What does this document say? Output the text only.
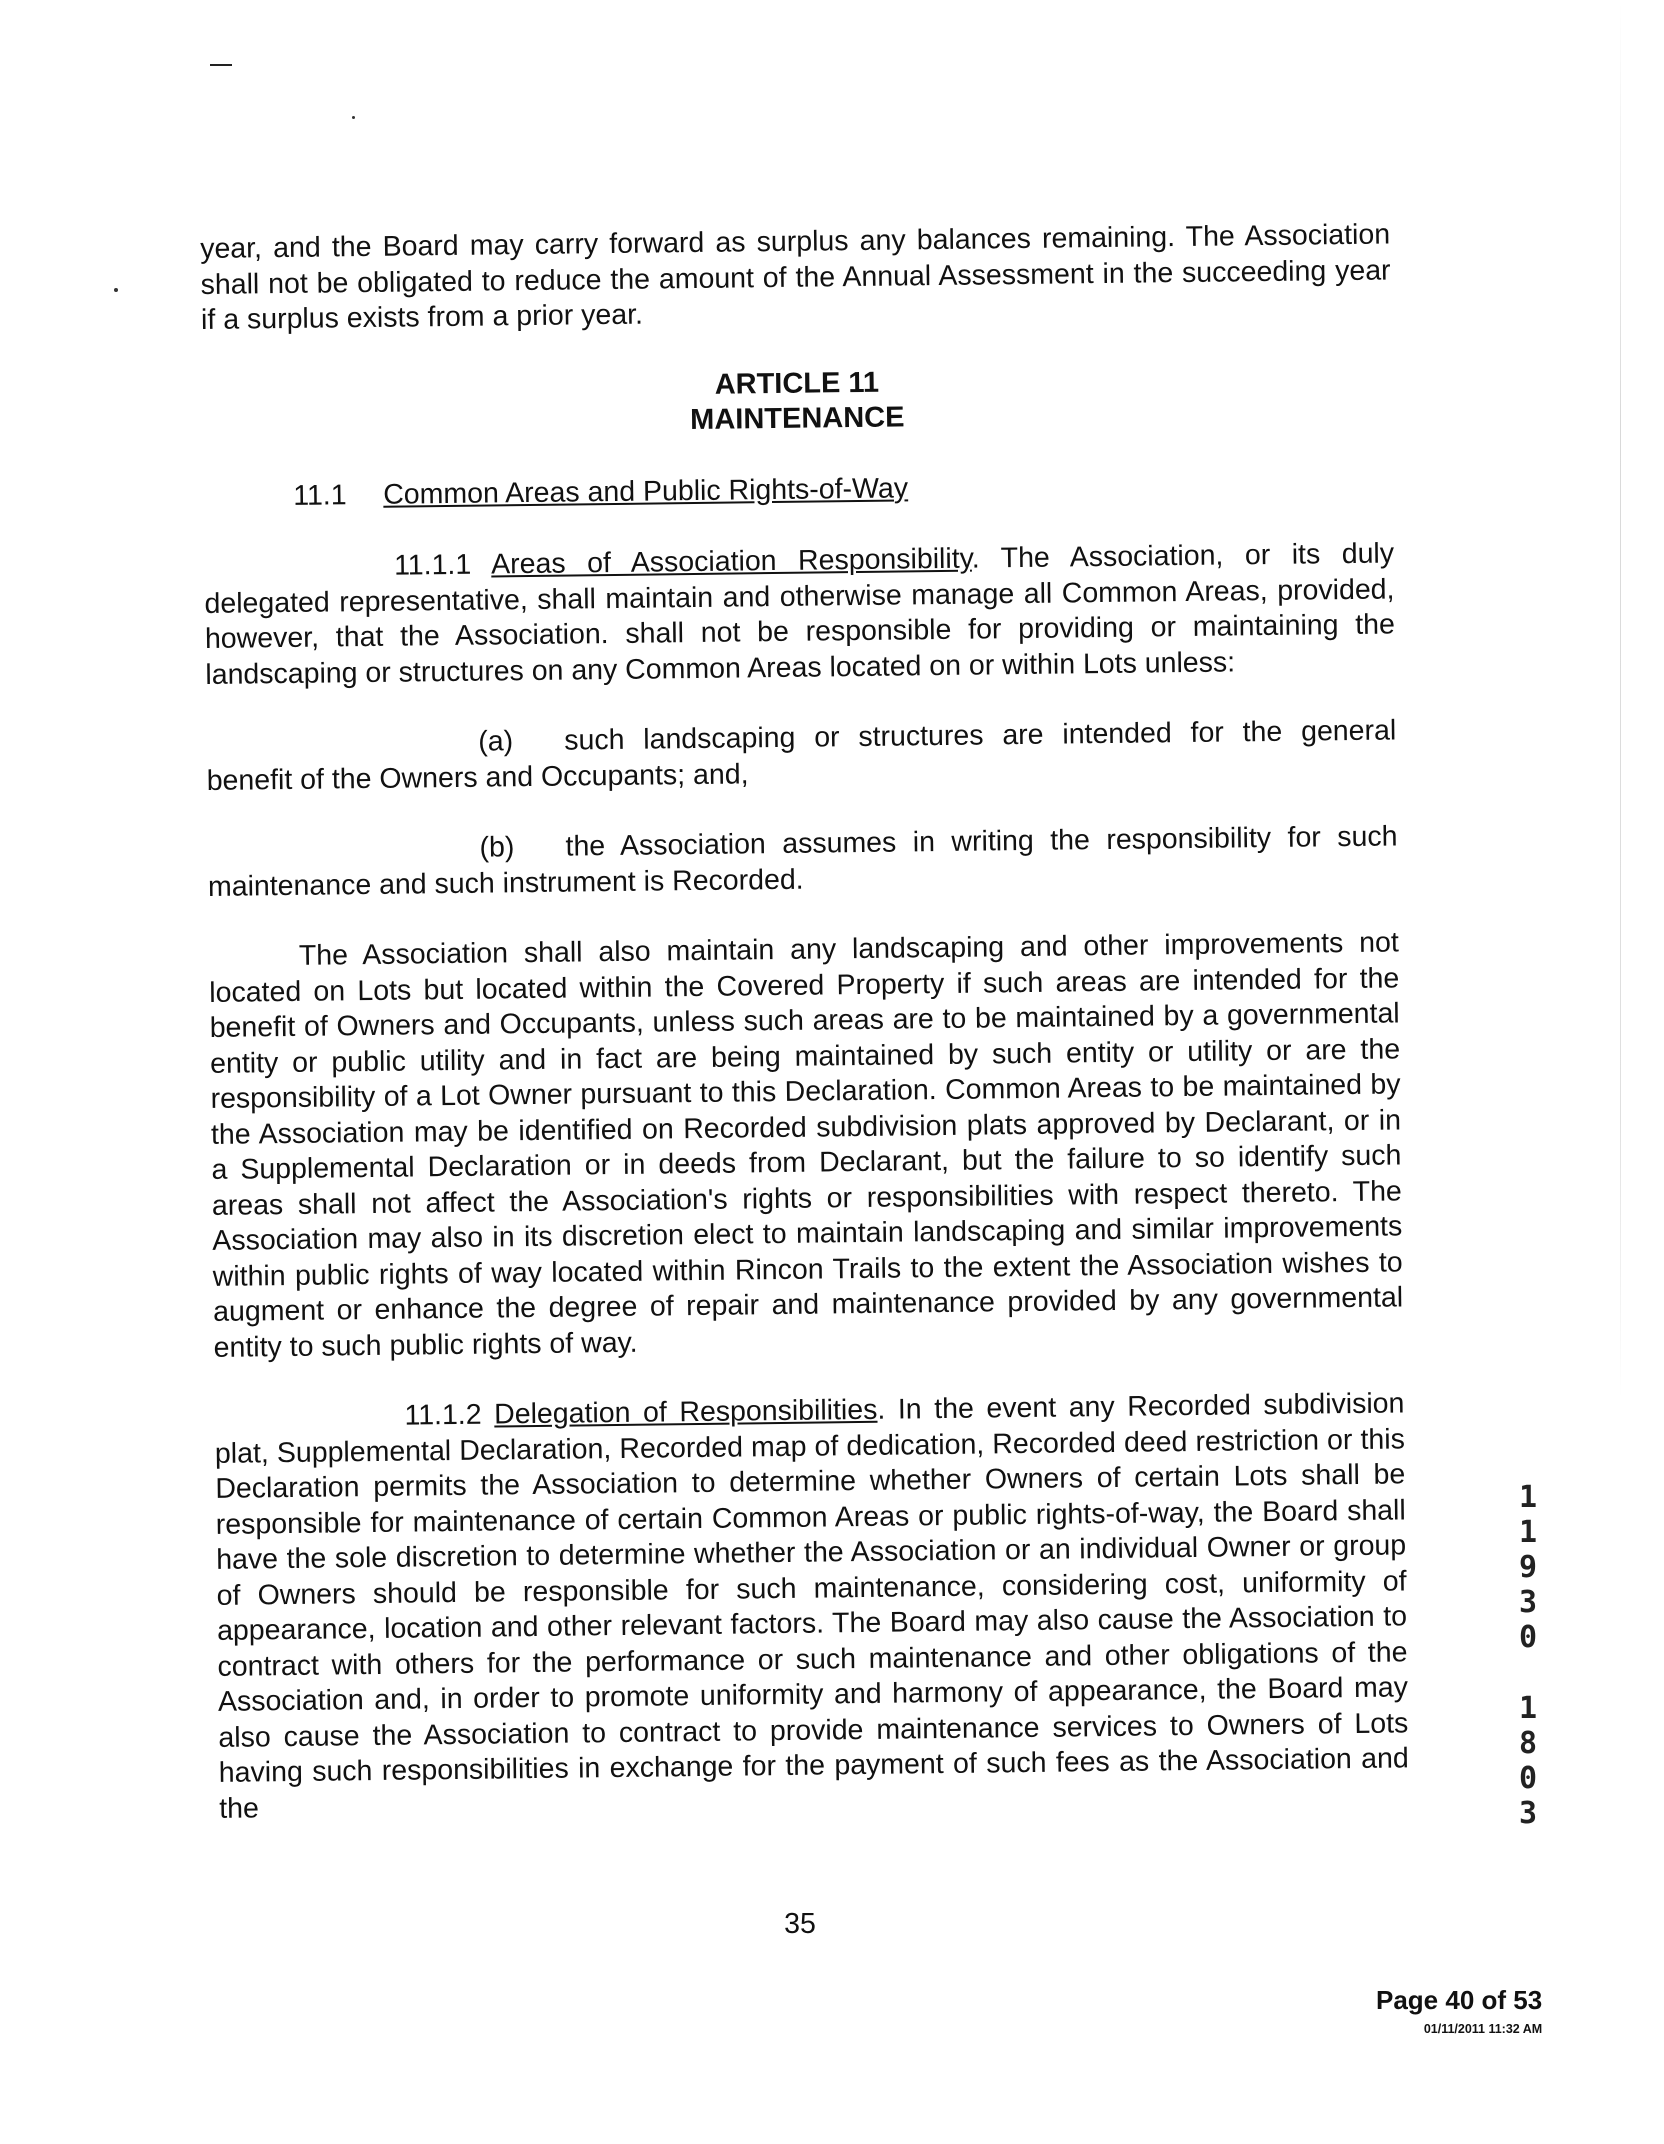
year, and the Board may carry forward as surplus any balances remaining. The Association shall not be obligated to reduce the amount of the Annual Assessment in the succeeding year if a surplus exists from a prior year.

ARTICLE 11
MAINTENANCE
11.1 Common Areas and Public Rights-of-Way

11.1.1 Areas of Association Responsibility. The Association, or its duly delegated representative, shall maintain and otherwise manage all Common Areas, provided, however, that the Association. shall not be responsible for providing or maintaining the landscaping or structures on any Common Areas located on or within Lots unless:

(a) such landscaping or structures are intended for the general benefit of the Owners and Occupants; and,

(b) the Association assumes in writing the responsibility for such maintenance and such instrument is Recorded.

The Association shall also maintain any landscaping and other improvements not located on Lots but located within the Covered Property if such areas are intended for the benefit of Owners and Occupants, unless such areas are to be maintained by a governmental entity or public utility and in fact are being maintained by such entity or utility or are the responsibility of a Lot Owner pursuant to this Declaration. Common Areas to be maintained by the Association may be identified on Recorded subdivision plats approved by Declarant, or in a Supplemental Declaration or in deeds from Declarant, but the failure to so identify such areas shall not affect the Association's rights or responsibilities with respect thereto. The Association may also in its discretion elect to maintain landscaping and similar improvements within public rights of way located within Rincon Trails to the extent the Association wishes to augment or enhance the degree of repair and maintenance provided by any governmental entity to such public rights of way.

11.1.2 Delegation of Responsibilities. In the event any Recorded subdivision plat, Supplemental Declaration, Recorded map of dedication, Recorded deed restriction or this Declaration permits the Association to determine whether Owners of certain Lots shall be responsible for maintenance of certain Common Areas or public rights-of-way, the Board shall have the sole discretion to determine whether the Association or an individual Owner or group of Owners should be responsible for such maintenance, considering cost, uniformity of appearance, location and other relevant factors. The Board may also cause the Association to contract with others for the performance or such maintenance and other obligations of the Association and, in order to promote uniformity and harmony of appearance, the Board may also cause the Association to contract to provide maintenance services to Owners of Lots having such responsibilities in exchange for the payment of such fees as the Association and the

35
1
1
9
3
0
1
8
0
3
Page 40 of 53
01/11/2011 11:32 AM
